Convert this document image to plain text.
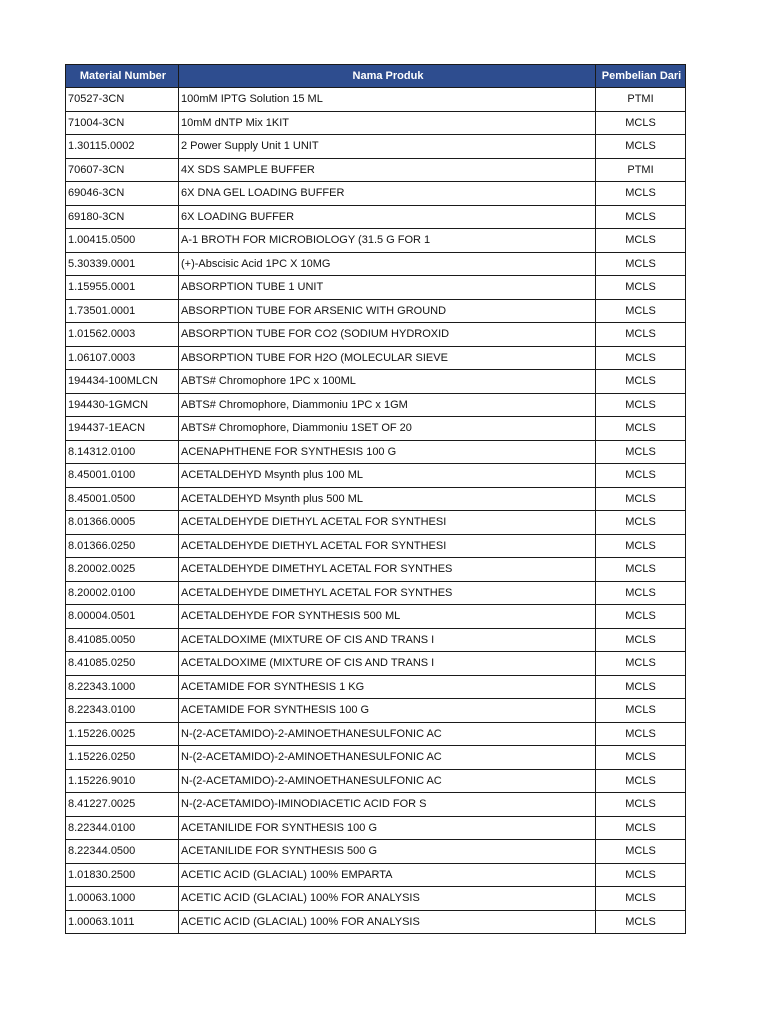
Material Number	Nama Produk	Pembelian Dari
70527-3CN	100mM IPTG Solution 15 ML	PTMI
71004-3CN	10mM dNTP Mix 1KIT	MCLS
1.30115.0002	2 Power Supply Unit 1 UNIT	MCLS
70607-3CN	4X SDS SAMPLE BUFFER	PTMI
69046-3CN	6X DNA GEL LOADING BUFFER	MCLS
69180-3CN	6X LOADING BUFFER	MCLS
1.00415.0500	A-1 BROTH FOR MICROBIOLOGY (31.5 G FOR 1	MCLS
5.30339.0001	(+)-Abscisic Acid 1PC X 10MG	MCLS
1.15955.0001	ABSORPTION TUBE 1 UNIT	MCLS
1.73501.0001	ABSORPTION TUBE FOR ARSENIC WITH GROUND	MCLS
1.01562.0003	ABSORPTION TUBE FOR CO2 (SODIUM HYDROXID	MCLS
1.06107.0003	ABSORPTION TUBE FOR H2O (MOLECULAR SIEVE	MCLS
194434-100MLCN	ABTS# Chromophore 1PC x 100ML	MCLS
194430-1GMCN	ABTS# Chromophore, Diammoniu 1PC x 1GM	MCLS
194437-1EACN	ABTS# Chromophore, Diammoniu 1SET OF 20	MCLS
8.14312.0100	ACENAPHTHENE FOR SYNTHESIS 100 G	MCLS
8.45001.0100	ACETALDEHYD Msynth plus 100 ML	MCLS
8.45001.0500	ACETALDEHYD Msynth plus 500 ML	MCLS
8.01366.0005	ACETALDEHYDE DIETHYL ACETAL FOR SYNTHESI	MCLS
8.01366.0250	ACETALDEHYDE DIETHYL ACETAL FOR SYNTHESI	MCLS
8.20002.0025	ACETALDEHYDE DIMETHYL ACETAL FOR SYNTHES	MCLS
8.20002.0100	ACETALDEHYDE DIMETHYL ACETAL FOR SYNTHES	MCLS
8.00004.0501	ACETALDEHYDE FOR SYNTHESIS 500 ML	MCLS
8.41085.0050	ACETALDOXIME (MIXTURE OF CIS AND TRANS I	MCLS
8.41085.0250	ACETALDOXIME (MIXTURE OF CIS AND TRANS I	MCLS
8.22343.1000	ACETAMIDE FOR SYNTHESIS 1 KG	MCLS
8.22343.0100	ACETAMIDE FOR SYNTHESIS 100 G	MCLS
1.15226.0025	N-(2-ACETAMIDO)-2-AMINOETHANESULFONIC AC	MCLS
1.15226.0250	N-(2-ACETAMIDO)-2-AMINOETHANESULFONIC AC	MCLS
1.15226.9010	N-(2-ACETAMIDO)-2-AMINOETHANESULFONIC AC	MCLS
8.41227.0025	N-(2-ACETAMIDO)-IMINODIACETIC ACID FOR S	MCLS
8.22344.0100	ACETANILIDE FOR SYNTHESIS 100 G	MCLS
8.22344.0500	ACETANILIDE FOR SYNTHESIS 500 G	MCLS
1.01830.2500	ACETIC ACID (GLACIAL) 100% EMPARTA	MCLS
1.00063.1000	ACETIC ACID (GLACIAL) 100% FOR ANALYSIS	MCLS
1.00063.1011	ACETIC ACID (GLACIAL) 100% FOR ANALYSIS	MCLS
